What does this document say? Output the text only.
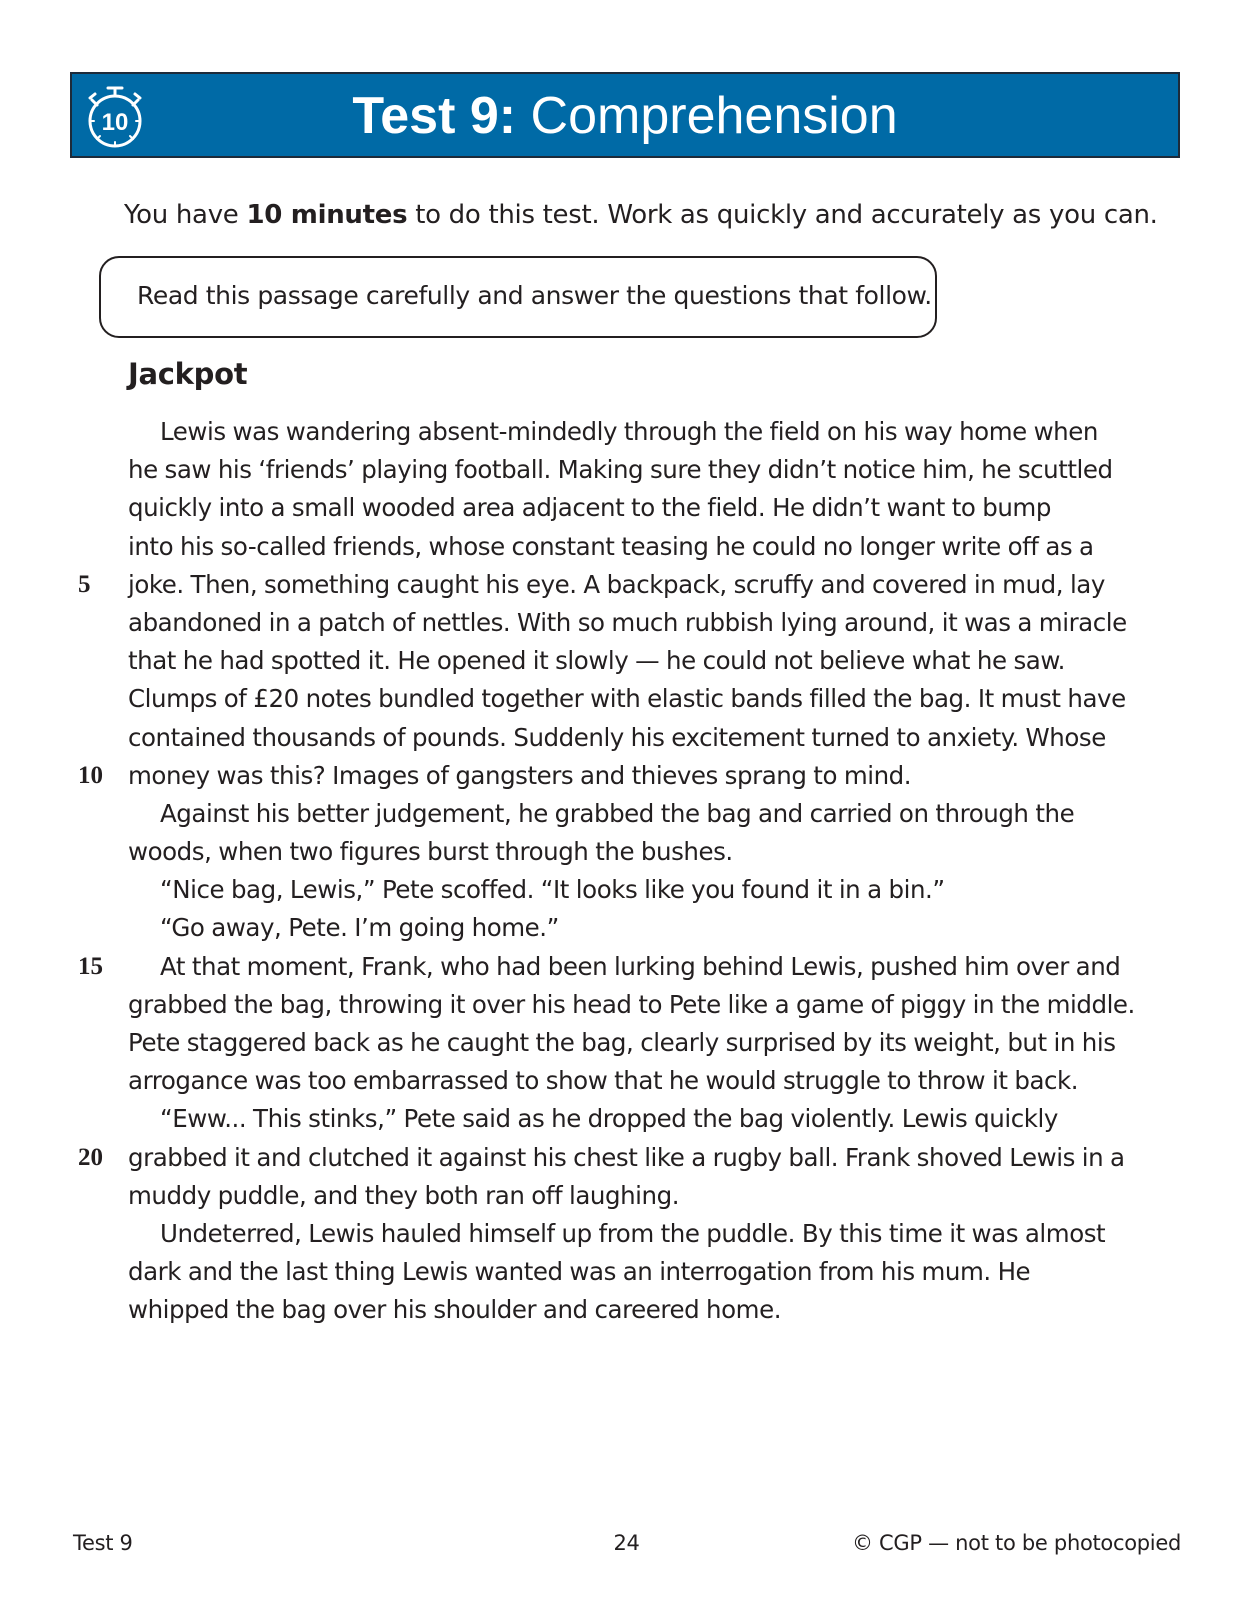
10	Test 9: Comprehension
You have 10 minutes to do this test. Work as quickly and accurately as you can.
Read this passage carefully and answer the questions that follow.
Jackpot
Lewis was wandering absent-mindedly through the field on his way home when
he saw his ‘friends’ playing football. Making sure they didn’t notice him, he scuttled
quickly into a small wooded area adjacent to the field. He didn’t want to bump
into his so-called friends, whose constant teasing he could no longer write off as a
joke. Then, something caught his eye. A backpack, scruffy and covered in mud, lay
abandoned in a patch of nettles. With so much rubbish lying around, it was a miracle
that he had spotted it. He opened it slowly — he could not believe what he saw.
Clumps of £20 notes bundled together with elastic bands filled the bag. It must have
contained thousands of pounds. Suddenly his excitement turned to anxiety. Whose
money was this? Images of gangsters and thieves sprang to mind.
Against his better judgement, he grabbed the bag and carried on through the
woods, when two figures burst through the bushes.
“Nice bag, Lewis,” Pete scoffed. “It looks like you found it in a bin.”
“Go away, Pete. I’m going home.”
At that moment, Frank, who had been lurking behind Lewis, pushed him over and
grabbed the bag, throwing it over his head to Pete like a game of piggy in the middle.
Pete staggered back as he caught the bag, clearly surprised by its weight, but in his
arrogance was too embarrassed to show that he would struggle to throw it back.
“Eww... This stinks,” Pete said as he dropped the bag violently. Lewis quickly
grabbed it and clutched it against his chest like a rugby ball. Frank shoved Lewis in a
muddy puddle, and they both ran off laughing.
Undeterred, Lewis hauled himself up from the puddle. By this time it was almost
dark and the last thing Lewis wanted was an interrogation from his mum. He
whipped the bag over his shoulder and careered home.
5
10
15
20
Test 9	24	© CGP — not to be photocopied
